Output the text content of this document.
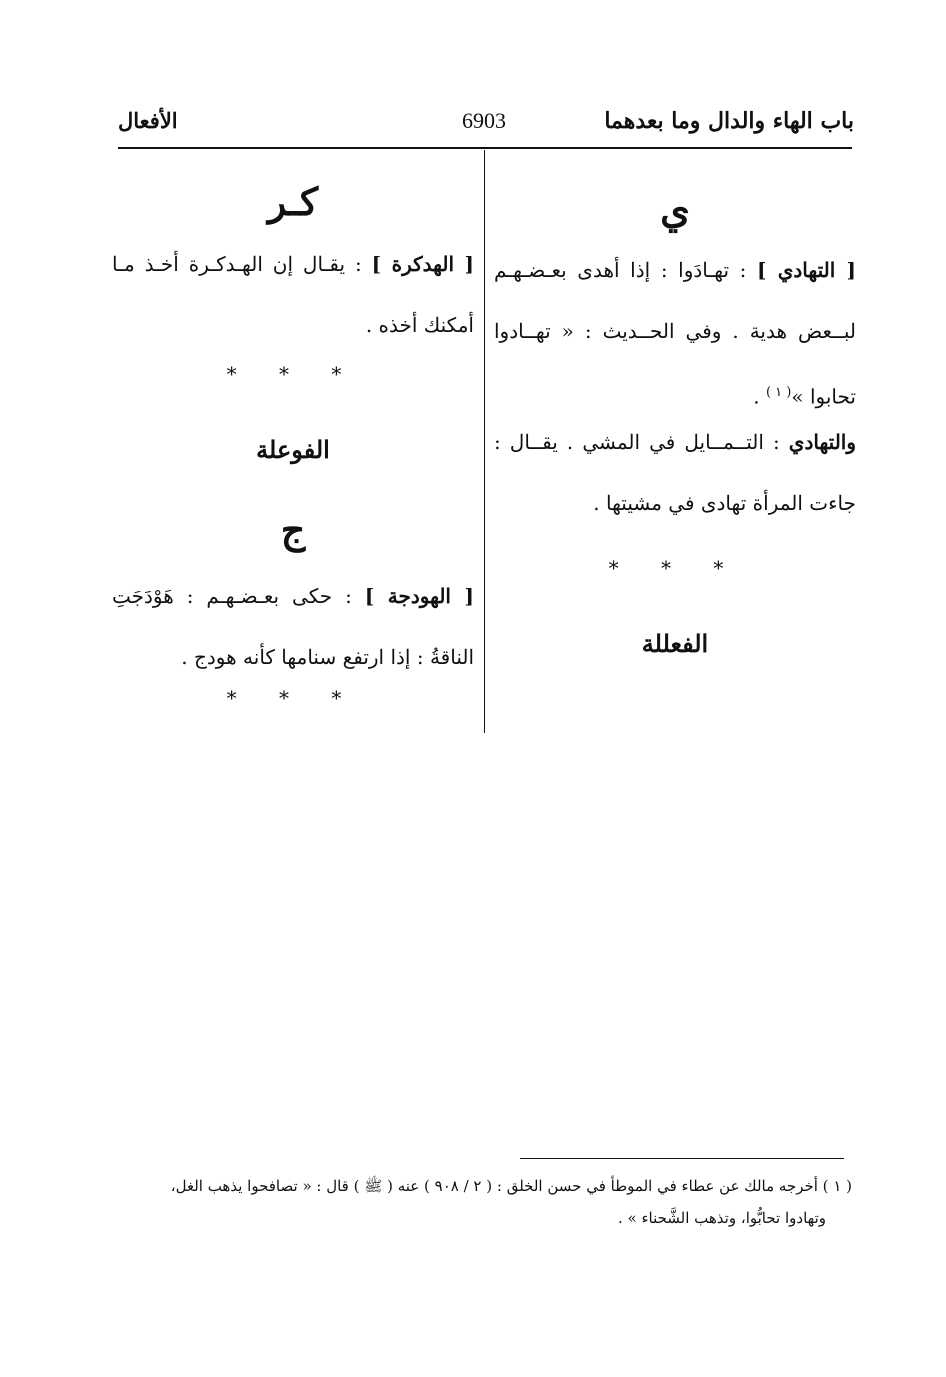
باب الهاء والدال وما بعدهما
6903
الأفعال
ي
[ التهادي ] : تهـادَوا : إذا أهدى بعـضـهـم لبــعض هدية . وفي الحــديث : « تهــادوا تحابوا »$^{( ١ )}$ .
والتهادي : التــمــايل في المشي . يقــال : جاءت المرأة تهادى في مشيتها .
* * *
الفعللة
كـر
[ الهدكرة ] : يقـال إن الهـدكـرة أخـذ مـا أمكنك أخذه .
* * *
الفوعلة
ج
[ الهودجة ] : حكى بعـضـهـم : هَوْدَجَتِ الناقةُ : إذا ارتفع سنامها كأنه هودج .
* * *
( ١ ) أخرجه مالك عن عطاء في الموطأ في حسن الخلق : ( ٢ / ٩٠٨ ) عنه ( ﷺ ) قال : « تصافحوا يذهب الغل،
وتهادوا تحابُّوا، وتذهب الشَّحناء » .
